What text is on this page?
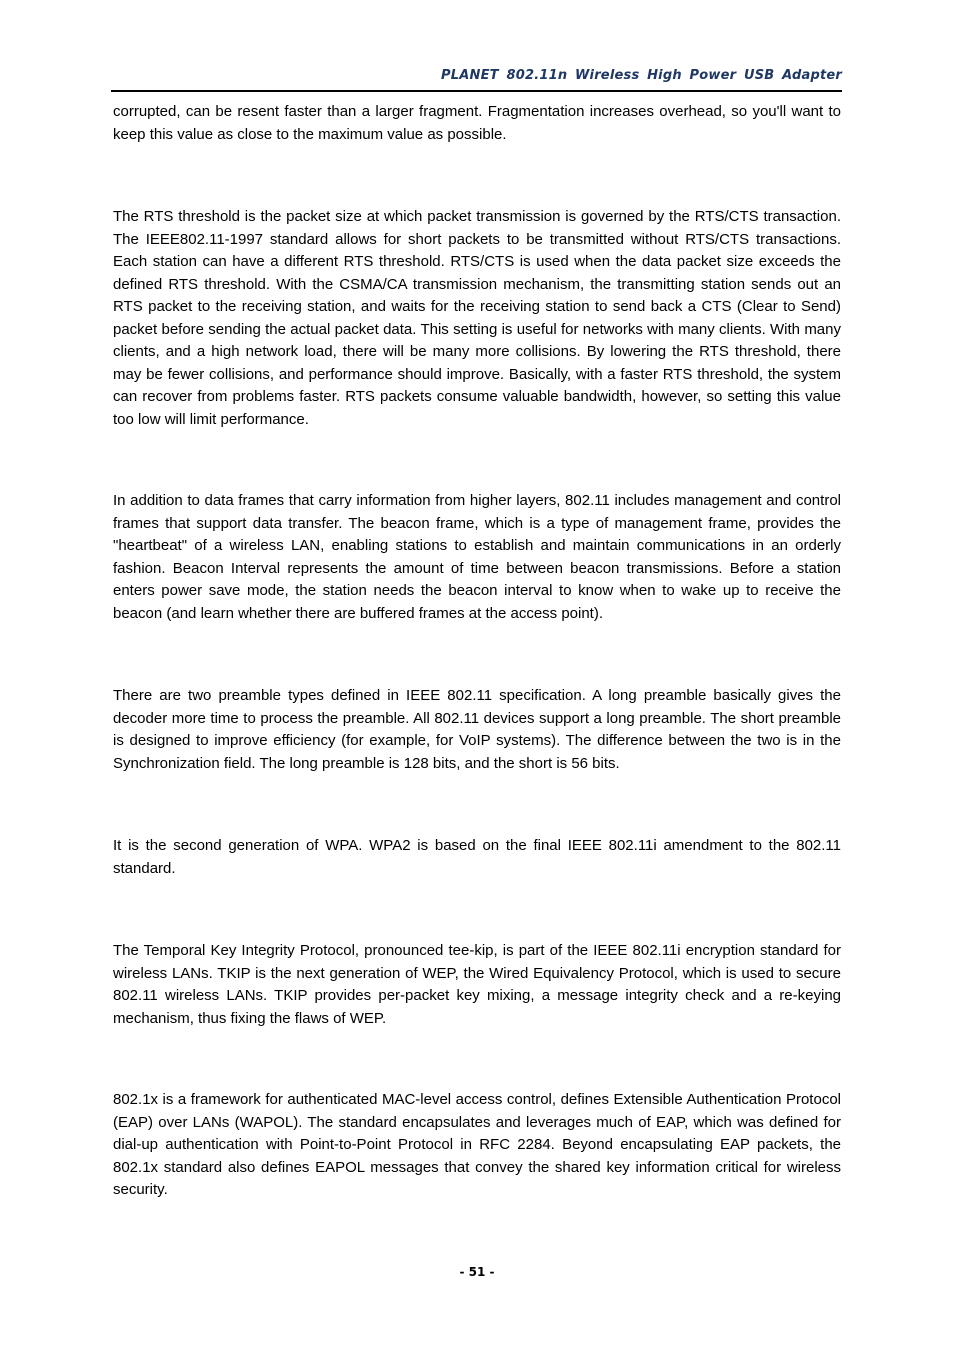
PLANET 802.11n Wireless High Power USB Adapter

corrupted, can be resent faster than a larger fragment. Fragmentation increases overhead, so you'll want to keep this value as close to the maximum value as possible.

The RTS threshold is the packet size at which packet transmission is governed by the RTS/CTS transaction. The IEEE802.11-1997 standard allows for short packets to be transmitted without RTS/CTS transactions. Each station can have a different RTS threshold. RTS/CTS is used when the data packet size exceeds the defined RTS threshold. With the CSMA/CA transmission mechanism, the transmitting station sends out an RTS packet to the receiving station, and waits for the receiving station to send back a CTS (Clear to Send) packet before sending the actual packet data. This setting is useful for networks with many clients. With many clients, and a high network load, there will be many more collisions. By lowering the RTS threshold, there may be fewer collisions, and performance should improve. Basically, with a faster RTS threshold, the system can recover from problems faster. RTS packets consume valuable bandwidth, however, so setting this value too low will limit performance.

In addition to data frames that carry information from higher layers, 802.11 includes management and control frames that support data transfer. The beacon frame, which is a type of management frame, provides the "heartbeat" of a wireless LAN, enabling stations to establish and maintain communications in an orderly fashion. Beacon Interval represents the amount of time between beacon transmissions. Before a station enters power save mode, the station needs the beacon interval to know when to wake up to receive the beacon (and learn whether there are buffered frames at the access point).

There are two preamble types defined in IEEE 802.11 specification. A long preamble basically gives the decoder more time to process the preamble. All 802.11 devices support a long preamble. The short preamble is designed to improve efficiency (for example, for VoIP systems). The difference between the two is in the Synchronization field. The long preamble is 128 bits, and the short is 56 bits.

It is the second generation of WPA. WPA2 is based on the final IEEE 802.11i amendment to the 802.11 standard.

The Temporal Key Integrity Protocol, pronounced tee-kip, is part of the IEEE 802.11i encryption standard for wireless LANs. TKIP is the next generation of WEP, the Wired Equivalency Protocol, which is used to secure 802.11 wireless LANs. TKIP provides per-packet key mixing, a message integrity check and a re-keying mechanism, thus fixing the flaws of WEP.

802.1x is a framework for authenticated MAC-level access control, defines Extensible Authentication Protocol (EAP) over LANs (WAPOL). The standard encapsulates and leverages much of EAP, which was defined for dial-up authentication with Point-to-Point Protocol in RFC 2284. Beyond encapsulating EAP packets, the 802.1x standard also defines EAPOL messages that convey the shared key information critical for wireless security.

- 51 -
